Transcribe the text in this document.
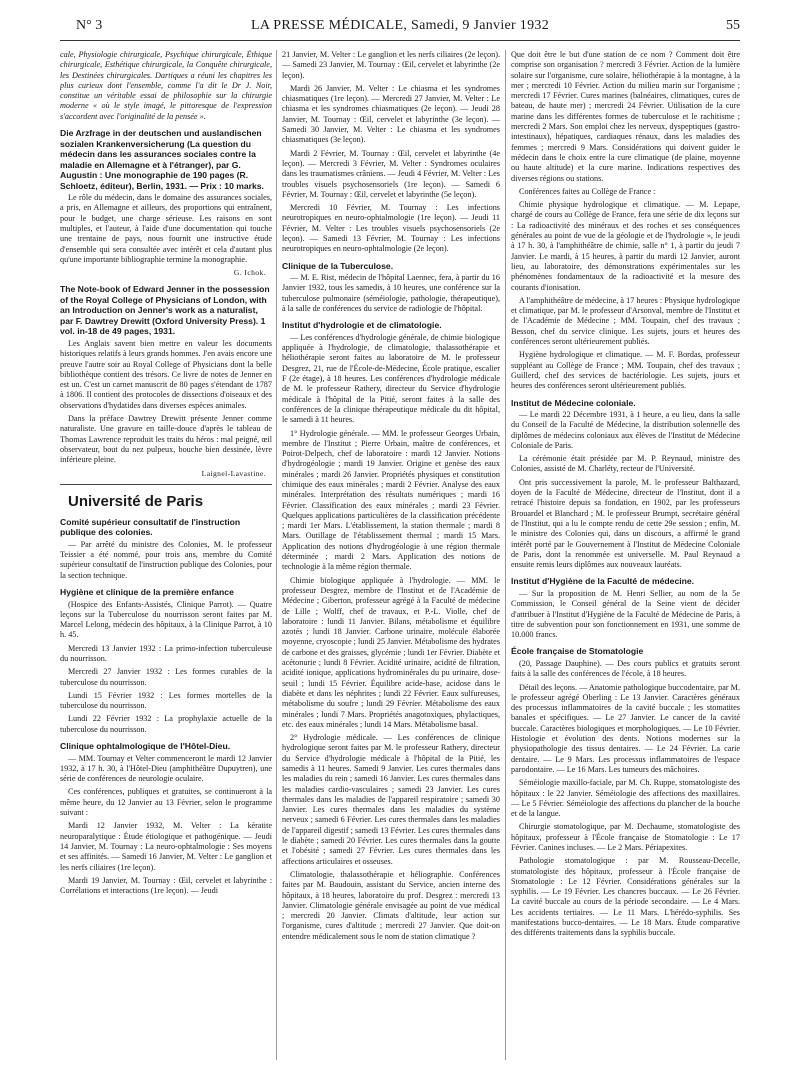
N° 3	LA PRESSE MÉDICALE, Samedi, 9 Janvier 1932	55

cale, Physiologie chirurgicale, Psychique chirurgicale, Éthique chirurgicale, Esthétique chirurgicale, la Conquête chirurgicale, les Destinées chirurgicales. Dartiques a réuni les chapitres les plus curieux dont l'ensemble, comme l'a dit le Dr J. Noir, constitue un véritable essai de philosophie sur la chirurgie moderne « où le style imagé, le pittoresque de l'expression s'accordent avec l'originalité de la pensée ».

Die Arzfrage in der deutschen und auslandischen sozialen Krankenversicherung (La question du médecin dans les assurances sociales contre la maladie en Allemagne et à l'étranger), par G. Augustin : Une monographie de 190 pages (R. Schloetz, éditeur), Berlin, 1931. — Prix : 10 marks.

Le rôle du médecin, dans le domaine des assurances sociales, a pris, en Allemagne et ailleurs, des proportions qui entraînent, pour le budget, une charge sérieuse. Les raisons en sont multiples, et l'auteur, à l'aide d'une documentation qui touche une trentaine de pays, nous fournit une instructive étude d'ensemble qui sera consultée avec intérêt et cela d'autant plus qu'une importante bibliographie termine la monographie.

G. Ichok.
The Note-book of Edward Jenner in the possession of the Royal College of Physicians of London, with an Introduction on Jenner's work as a naturalist, par F. Dawtrey Drewitt (Oxford University Press). 1 vol. in-18 de 49 pages, 1931.

Les Anglais savent bien mettre en valeur les documents historiques relatifs à leurs grands hommes. J'en avais encore une preuve l'autre soir au Royal College of Physicians dont la belle bibliothèque contient des trésors. Ce livre de notes de Jenner en est un. C'est un carnet manuscrit de 80 pages s'étendant de 1787 à 1806. Il contient des protocoles de dissections d'oiseaux et des observations d'hydatides dans diverses espèces animales.

Dans la préface Dawtrey Drewitt présente Jenner comme naturaliste. Une gravure en taille-douce d'après le tableau de Thomas Lawrence reproduit les traits du héros : mal peigné, œil observateur, bout du nez pulpeux, bouche bien dessinée, lèvre inférieure pleine.

Laignel-Lavastine.
Université de Paris
Comité supérieur consultatif de l'instruction publique des colonies.

— Par arrêté du ministre des Colonies, M. le professeur Teissier a été nommé, pour trois ans, membre du Comité supérieur consultatif de l'instruction publique des Colonies, pour la section technique.

Hygiène et clinique de la première enfance

(Hospice des Enfants-Assistés, Clinique Parrot). — Quatre leçons sur la Tuberculose du nourrisson seront faites par M. Marcel Lelong, médecin des hôpitaux, à la Clinique Parrot, à 10 h. 45.

Mercredi 13 Janvier 1932 : La primo-infection tuberculeuse du nourrisson.

Mercredi 27 Janvier 1932 : Les formes curables de la tuberculose du nourrisson.

Lundi 15 Février 1932 : Les formes mortelles de la tuberculose du nourrisson.

Lundi 22 Février 1932 : La prophylaxie actuelle de la tuberculose du nourrisson.

Clinique ophtalmologique de l'Hôtel-Dieu.

— MM. Tournay et Velter commenceront le mardi 12 Janvier 1932, à 17 h. 30, à l'Hôtel-Dieu (amphithéâtre Dupuytren), une série de conférences de neurologie oculaire.

Ces conférences, publiques et gratuites, se continueront à la même heure, du 12 Janvier au 13 Février, selon le programme suivant :

Mardi 12 Janvier 1932, M. Velter : La kératite neuroparalytique : Étude étiologique et pathogénique. — Jeudi 14 Janvier, M. Tournay : La neuro-ophtalmologie : Ses moyens et ses affinités. — Samedi 16 Janvier, M. Velter : Le ganglion et les nerfs ciliaires (1re leçon).

Mardi 19 Janvier, M. Tournay : Œil, cervelet et labyrinthe : Corrélations et interactions (1re leçon). — Jeudi

21 Janvier, M. Velter : Le ganglion et les nerfs ciliaires (2e leçon). — Samedi 23 Janvier, M. Tournay : Œil, cervelet et labyrinthe (2e leçon).

Mardi 26 Janvier, M. Velter : Le chiasma et les syndromes chiasmatiques (1re leçon). — Mercredi 27 Janvier, M. Velter : Le chiasma et les syndromes chiasmatiques (2e leçon). — Jeudi 28 Janvier, M. Tournay : Œil, cervelet et labyrinthe (3e leçon). — Samedi 30 Janvier, M. Velter : Le chiasma et les syndromes chiasmatiques (3e leçon).

Mardi 2 Février, M. Tournay : Œil, cervelet et labyrinthe (4e leçon). — Mercredi 3 Février, M. Velter : Syndromes oculaires dans les traumatismes crâniens. — Jeudi 4 Février, M. Velter : Les troubles visuels psychosensoriels (1re leçon). — Samedi 6 Février, M. Tournay : Œil, cervelet et labyrinthe (5e leçon).

Mercredi 10 Février, M. Tournay : Les infections neurotropiques en neuro-ophtalmologie (1re leçon). — Jeudi 11 Février, M. Velter : Les troubles visuels psychosensoriels (2e leçon). — Samedi 13 Février, M. Tournay : Les infections neurotropiques en neuro-ophtalmologie (2e leçon).

Clinique de la Tuberculose.

— M. E. Rist, médecin de l'hôpital Laennec, fera, à partir du 16 Janvier 1932, tous les samedis, à 10 heures, une conférence sur la tuberculose pulmonaire (séméiologie, pathologie, thérapeutique), à la salle de conférences du service de radiologie de l'hôpital.

Institut d'hydrologie et de climatologie.

— Les conférences d'hydrologie générale, de chimie biologique appliquée à l'hydrologie, de climatologie, thalassothérapie et héliothérapie seront faites au laboratoire de M. le professeur Desgrez, 21, rue de l'École-de-Médecine, École pratique, escalier F (2e étage), à 18 heures. Les conférences d'hydrologie médicale de M. le professeur Rathery, directeur du Service d'hydrologie médicale à l'hôpital de la Pitié, seront faites à la salle des conférences de la clinique thérapeutique médicale du dit hôpital, le samedi à 11 heures.

1° Hydrologie générale. — MM. le professeur Georges Urbain, membre de l'Institut ; Pierre Urbain, maître de conférences, et Poirot-Delpech, chef de laboratoire : mardi 12 Janvier. Notions d'hydrogéologie ; mardi 19 Janvier. Origine et genèse des eaux minérales ; mardi 26 Janvier. Propriétés physiques et constitution chimique des eaux minérales ; mardi 2 Février. Analyse des eaux minérales. Interprétation des résultats numériques ; mardi 16 Février. Classification des eaux minérales ; mardi 23 Février. Quelques applications particulières de la classification précédente ; mardi 1er Mars. L'établissement, la station thermale ; mardi 8 Mars. Outillage de l'établissement thermal ; mardi 15 Mars. Application des notions d'hydrogéologie à une région thermale déterminée ; mardi 2 Mars. Application des notions de technologie à la même région thermale.

Chimie biologique appliquée à l'hydrologie. — MM. le professeur Desgrez, membre de l'Institut et de l'Académie de Médecine ; Giberton, professeur agrégé à la Faculté de médecine de Lille ; Wolff, chef de travaux, et P.-L. Violle, chef de laboratoire : lundi 11 Janvier. Bilans, métabolisme et équilibre azotés ; lundi 18 Janvier. Carbone urinaire, molécule élaborée moyenne, cryoscopie ; lundi 25 Janvier. Métabolisme des hydrates de carbone et des graisses, glycémie ; lundi 1er Février. Diabète et acétonurie ; lundi 8 Février. Acidité urinaire, acidité de filtration, acidité ionique, applications hydrominérales du pu urinaire, dose-seuil ; lundi 15 Février. Équilibre acide-base, acidose dans le diabète et dans les néphrites ; lundi 22 Février. Eaux sulfureuses, métabolisme du soufre ; lundi 29 Février. Métabolisme des eaux minérales ; lundi 7 Mars. Propriétés anagotoxiques, phylactiques, etc. des eaux minérales ; lundi 14 Mars. Métabolisme basal.

2° Hydrologie médicale. — Les conférences de clinique hydrologique seront faites par M. le professeur Rathery, directeur du Service d'hydrologie médicale à l'hôpital de la Pitié, les samedis à 11 heures. Samedi 9 Janvier. Les cures thermales dans les maladies du rein ; samedi 16 Janvier. Les cures thermales dans les maladies cardio-vasculaires ; samedi 23 Janvier. Les cures thermales dans les maladies de l'appareil respiratoire ; samedi 30 Janvier. Les cures thermales dans les maladies du système nerveux ; samedi 6 Février. Les cures thermales dans les maladies de l'appareil digestif ; samedi 13 Février. Les cures thermales dans le diabète ; samedi 20 Février. Les cures thermales dans la goutte et l'obésité ; samedi 27 Février. Les cures thermales dans les affections articulaires et osseuses.

Climatologie, thalassothérapie et héliographie. Conférences faites par M. Baudouin, assistant du Service, ancien interne des hôpitaux, à 18 heures, laboratoire du prof. Desgrez : mercredi 13 Janvier. Climatologie générale envisagée au point de vue médical ; mercredi 20 Janvier. Climats d'altitude, leur action sur l'organisme, cures d'altitude ; mercredi 27 Janvier. Que doit-on entendre médicalement sous le nom de station climatique ?

Que doit être le but d'une station de ce nom ? Comment doit être comprise son organisation ? mercredi 3 Février. Action de la lumière solaire sur l'organisme, cure solaire, héliothérapie à la montagne, à la mer ; mercredi 10 Février. Action du milieu marin sur l'organisme ; mercredi 17 Février. Cures marines (balnéaires, climatiques, cures de bateau, de haute mer) ; mercredi 24 Février. Utilisation de la cure marine dans les différentes formes de tuberculose et le rachitisme ; mercredi 2 Mars. Son emploi chez les nerveux, dyspeptiques (gastro-intestinaux), hépatiques, cardiaques rénaux, dans les maladies des femmes ; mercredi 9 Mars. Considérations qui doivent guider le médecin dans le choix entre la cure climatique (de plaine, moyenne ou haute altitude) et la cure marine. Indications respectives des diverses régions ou stations.

Conférences faites au Collège de France :

Chimie physique hydrologique et climatique. — M. Lepape, chargé de cours au Collège de France, fera une série de dix leçons sur : La radioactivité des minéraux et des roches et ses conséquences générales au point de vue de la géologie et de l'hydrologie », le jeudi à 17 h. 30, à l'amphithéâtre de chimie, salle n° 1, à partir du jeudi 7 Janvier. Le mardi, à 15 heures, à partir du mardi 12 Janvier, auront lieu, au laboratoire, des démonstrations expérimentales sur les phénomènes fondamentaux de la radioactivité et la mesure des courants d'ionisation.

A l'amphithéâtre de médecine, à 17 heures : Physique hydrologique et climatique, par M. le professeur d'Arsonval, membre de l'Institut et de l'Académie de Médecine ; MM. Toupain, chef des travaux ; Besson, chef du service clinique. Les sujets, jours et heures des conférences seront ultérieurement publiés.

Hygiène hydrologique et climatique. — M. F. Bordas, professeur suppléant au Collège de France ; MM. Toupain, chef des travaux ; Guillerd, chef des services de bactériologie. Les sujets, jours et heures des conférences seront ultérieurement publiés.

Institut de Médecine coloniale.

— Le mardi 22 Décembre 1931, à 1 heure, a eu lieu, dans la salle du Conseil de la Faculté de Médecine, la distribution solennelle des diplômes de médecins coloniaux aux élèves de l'Institut de Médecine Coloniale de Paris.

La cérémonie était présidée par M. P. Reynaud, ministre des Colonies, assisté de M. Charléty, recteur de l'Université.

Ont pris successivement la parole, M. le professeur Balthazard, doyen de la Faculté de Médecine, directeur de l'Institut, dont il a retracé l'histoire depuis sa fondation, en 1902, par les professeurs Brouardel et Blanchard ; M. le professeur Brumpt, secrétaire général de l'Institut, qui a lu le compte rendu de cette 29e session ; enfin, M. le ministre des Colonies qui, dans un discours, a affirmé le grand intérêt porté par le Gouvernement à l'Institut de Médecine Coloniale de Paris, dont la renommée est universelle. M. Paul Reynaud a ensuite remis leurs diplômes aux nouveaux lauréats.

Institut d'Hygiène de la Faculté de médecine.

— Sur la proposition de M. Henri Sellier, au nom de la 5e Commission, le Conseil général de la Seine vient de décider d'attribuer à l'Institut d'Hygiène de la Faculté de Médecine de Paris, à titre de subvention pour son fonctionnement en 1931, une somme de 10.000 francs.

École française de Stomatologie

(20, Passage Dauphine). — Des cours publics et gratuits seront faits à la salle des conférences de l'école, à 18 heures.

Détail des leçons. — Anatomie pathologique buccodentaire, par M. le professeur agrégé Oberling : Le 13 Janvier. Caractères généraux des processus inflammatoires de la cavité buccale ; les stomatites banales et spécifiques. — Le 27 Janvier. Le cancer de la cavité buccale. Caractères biologiques et morphologiques. — Le 10 Février. Histologie et évolution des dents. Notions modernes sur la physiopathologie des tissus dentaires. — Le 24 Février. La carie dentaire. — Le 9 Mars. Les processus inflammatoires de l'espace parodontaire. — Le 16 Mars. Les tumeurs des mâchoires.

Séméiologie maxillo-faciale, par M. Ch. Ruppe, stomatologiste des hôpitaux : le 22 Janvier. Séméiologie des affections des maxillaires. — Le 5 Février. Séméiologie des affections du plancher de la bouche et de la langue.

Chirurgie stomatologique, par M. Dechaume, stomatologiste des hôpitaux, professeur à l'École française de Stomatologie : Le 17 Février. Canines incluses. — Le 2 Mars. Périapexites.

Pathologie stomatologique : par M. Rousseau-Decelle, stomatologiste des hôpitaux, professeur à l'École française de Stomatologie : Le 12 Février. Considérations générales sur la syphilis. — Le 19 Février. Les chancres buccaux. — Le 26 Février. La cavité buccale au cours de la période secondaire. — Le 4 Mars. Les accidents tertiaires. — Le 11 Mars. L'hérédo-syphilis. Ses manifestations bucco-dentaires. — Le 18 Mars. Étude comparative des différents traitements dans la syphilis buccale.
